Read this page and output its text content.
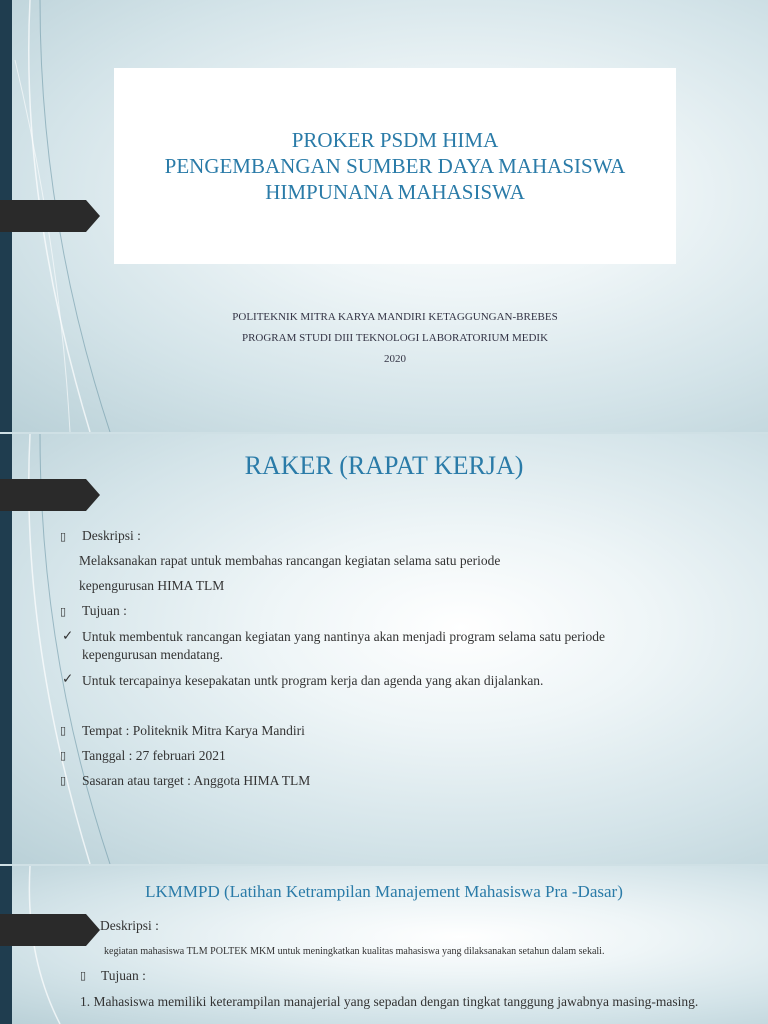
PROKER PSDM HIMA
PENGEMBANGAN SUMBER DAYA MAHASISWA
HIMPUNANA MAHASISWA
POLITEKNIK MITRA KARYA MANDIRI KETAGGUNGAN-BREBES
PROGRAM STUDI DIII TEKNOLOGI LABORATORIUM MEDIK
2020
RAKER (RAPAT KERJA)
▯ Deskripsi :
Melaksanakan rapat untuk membahas rancangan kegiatan selama satu periode
kepengurusan HIMA TLM
▯ Tujuan :
✓ Untuk membentuk rancangan kegiatan yang nantinya akan menjadi program selama satu periode
kepengurusan mendatang.
✓ Untuk tercapainya kesepakatan untk program kerja dan agenda yang akan dijalankan.
▯ Tempat : Politeknik Mitra Karya Mandiri
▯ Tanggal : 27 februari 2021
▯ Sasaran atau target : Anggota HIMA TLM
LKMMPD (Latihan Ketrampilan Manajement Mahasiswa Pra -Dasar)
Deskripsi :
kegiatan mahasiswa TLM POLTEK MKM untuk meningkatkan kualitas mahasiswa yang dilaksanakan setahun dalam sekali.
▯ Tujuan :
1. Mahasiswa memiliki keterampilan manajerial yang sepadan dengan tingkat tanggung jawabnya masing-masing.
